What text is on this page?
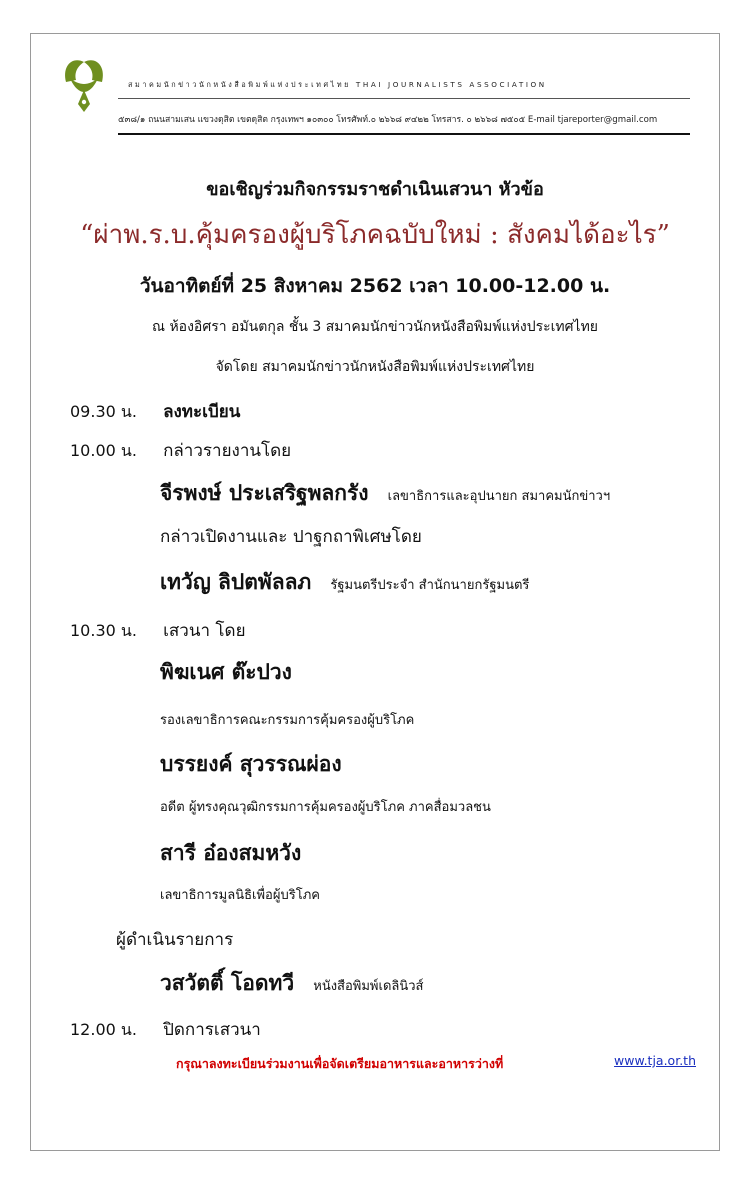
สมาคมนักข่าวนักหนังสือพิมพ์แห่งประเทศไทย THAI JOURNALISTS ASSOCIATION
๕๓๘/๑ ถนนสามเสน แขวงดุสิต เขตดุสิต กรุงเทพฯ ๑๐๓๐๐ โทรศัพท์.๐ ๒๖๖๘ ๙๔๒๒ โทรสาร. ๐ ๒๖๖๘ ๗๕๐๕ E-mail tjareporter@gmail.com
ขอเชิญร่วมกิจกรรมราชดำเนินเสวนา หัวข้อ
“ผ่าพ.ร.บ.คุ้มครองผู้บริโภคฉบับใหม่ : สังคมได้อะไร”
วันอาทิตย์ที่ 25 สิงหาคม 2562 เวลา 10.00-12.00 น.
ณ ห้องอิศรา อมันตกุล ชั้น 3 สมาคมนักข่าวนักหนังสือพิมพ์แห่งประเทศไทย
จัดโดย สมาคมนักข่าวนักหนังสือพิมพ์แห่งประเทศไทย
09.30 น. ลงทะเบียน
10.00 น. กล่าวรายงานโดย
จีรพงษ์ ประเสริฐพลกรัง เลขาธิการและอุปนายก สมาคมนักข่าวฯ
กล่าวเปิดงานและ ปาฐกถาพิเศษโดย
เทวัญ ลิปตพัลลภ รัฐมนตรีประจำ สำนักนายกรัฐมนตรี
10.30 น. เสวนา โดย
พิฆเนศ ต๊ะปวง
รองเลขาธิการคณะกรรมการคุ้มครองผู้บริโภค
บรรยงค์ สุวรรณผ่อง
อดีต ผู้ทรงคุณวุฒิกรรมการคุ้มครองผู้บริโภค ภาคสื่อมวลชน
สารี อ๋องสมหวัง
เลขาธิการมูลนิธิเพื่อผู้บริโภค
ผู้ดำเนินรายการ
วสวัตติ์ โอดทวี หนังสือพิมพ์เดลินิวส์
12.00 น. ปิดการเสวนา
กรุณาลงทะเบียนร่วมงานเพื่อจัดเตรียมอาหารและอาหารว่างที่	www.tja.or.th
